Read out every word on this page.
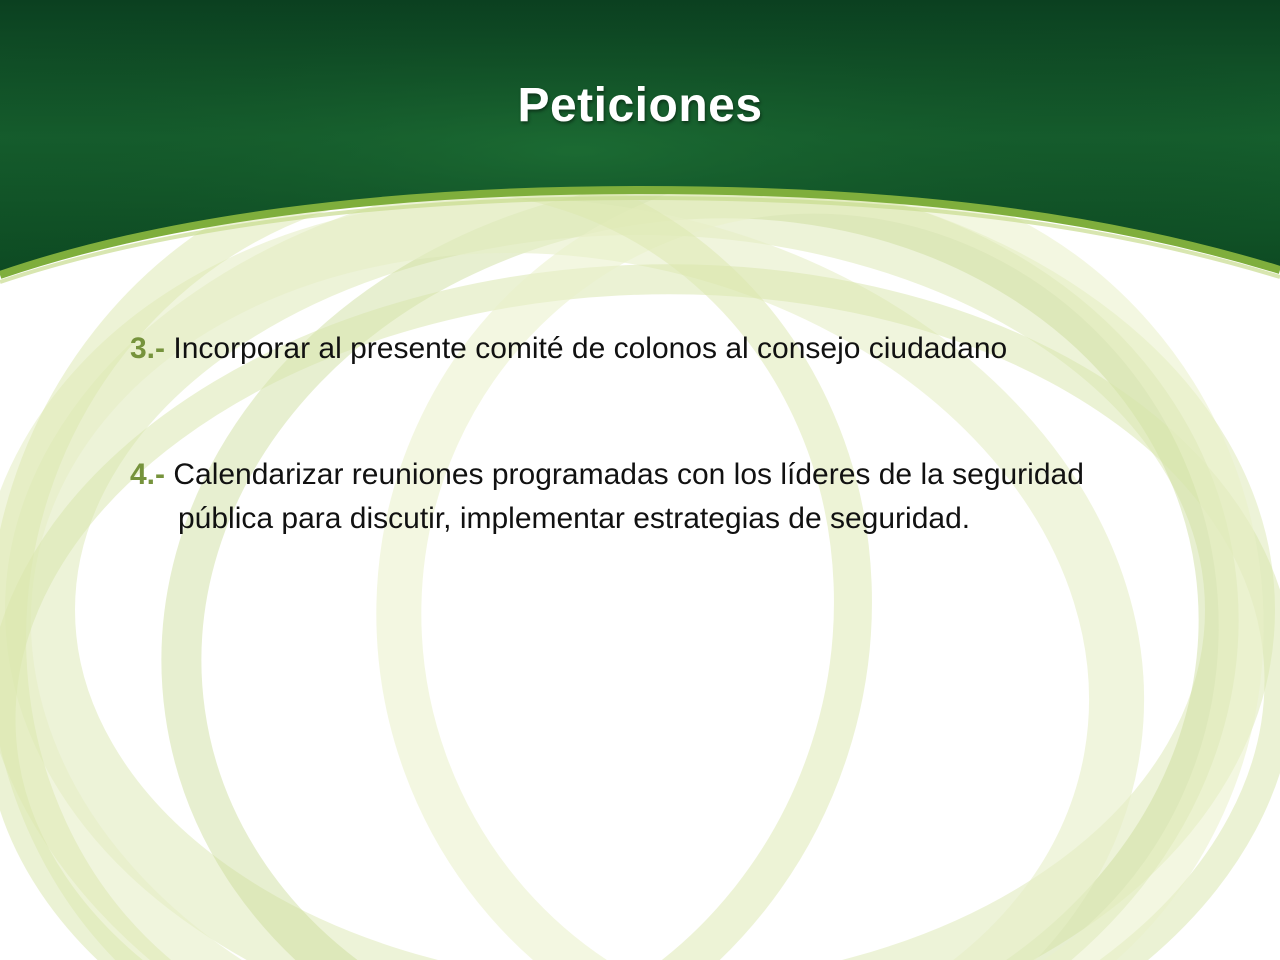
Peticiones
3.- Incorporar al presente comité de colonos al consejo ciudadano
4.- Calendarizar reuniones programadas con los líderes de la seguridad
pública para discutir, implementar estrategias de seguridad.
